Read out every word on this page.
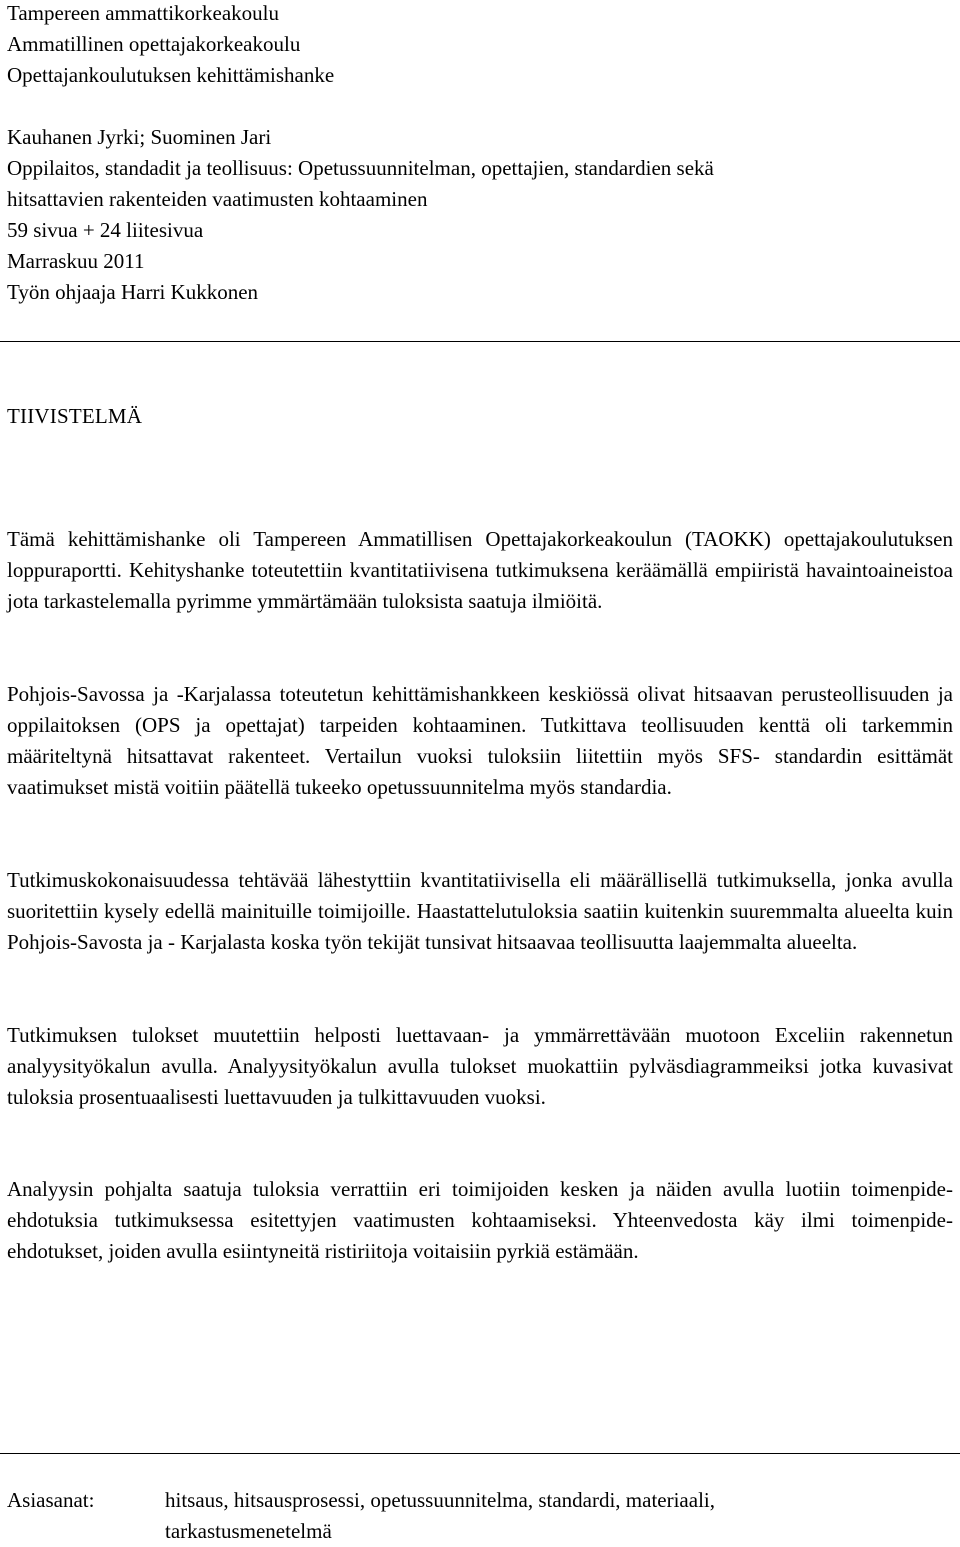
Tampereen ammattikorkeakoulu
Ammatillinen opettajakorkeakoulu
Opettajankoulutuksen kehittämishanke

Kauhanen Jyrki; Suominen Jari
Oppilaitos, standadit ja teollisuus: Opetussuunnitelman, opettajien, standardien sekä
hitsattavien rakenteiden vaatimusten kohtaaminen
59 sivua + 24 liitesivua
Marraskuu 2011
Työn ohjaaja Harri Kukkonen
TIIVISTELMÄ

Tämä kehittämishanke oli Tampereen Ammatillisen Opettajakorkeakoulun (TAOKK) opettajakoulutuksen loppuraportti. Kehityshanke toteutettiin kvantitatiivisena tutkimuksena keräämällä empiiristä havaintoaineistoa jota tarkastelemalla pyrimme ymmärtämään tuloksista saatuja ilmiöitä.

Pohjois-Savossa ja -Karjalassa toteutetun kehittämishankkeen keskiössä olivat hitsaavan perusteollisuuden ja oppilaitoksen (OPS ja opettajat) tarpeiden kohtaaminen. Tutkittava teollisuuden kenttä oli tarkemmin määriteltynä hitsattavat rakenteet. Vertailun vuoksi tuloksiin liitettiin myös SFS- standardin esittämät vaatimukset mistä voitiin päätellä tukeeko opetussuunnitelma myös standardia.

Tutkimuskokonaisuudessa tehtävää lähestyttiin kvantitatiivisella eli määrällisellä tutkimuksella, jonka avulla suoritettiin kysely edellä mainituille toimijoille. Haastattelutuloksia saatiin kuitenkin suuremmalta alueelta kuin Pohjois-Savosta ja - Karjalasta koska työn tekijät tunsivat hitsaavaa teollisuutta laajemmalta alueelta.

Tutkimuksen tulokset muutettiin helposti luettavaan- ja ymmärrettävään muotoon Exceliin rakennetun analyysityökalun avulla. Analyysityökalun avulla tulokset muokattiin pylväsdiagrammeiksi jotka kuvasivat tuloksia prosentuaalisesti luettavuuden ja tulkittavuuden vuoksi.

Analyysin pohjalta saatuja tuloksia verrattiin eri toimijoiden kesken ja näiden avulla luotiin toimenpide-ehdotuksia tutkimuksessa esitettyjen vaatimusten kohtaamiseksi. Yhteenvedosta käy ilmi toimenpide-ehdotukset, joiden avulla esiintyneitä ristiriitoja voitaisiin pyrkiä estämään.

Asiasanat:	hitsaus, hitsausprosessi, opetussuunnitelma, standardi, materiaali, tarkastusmenetelmä
